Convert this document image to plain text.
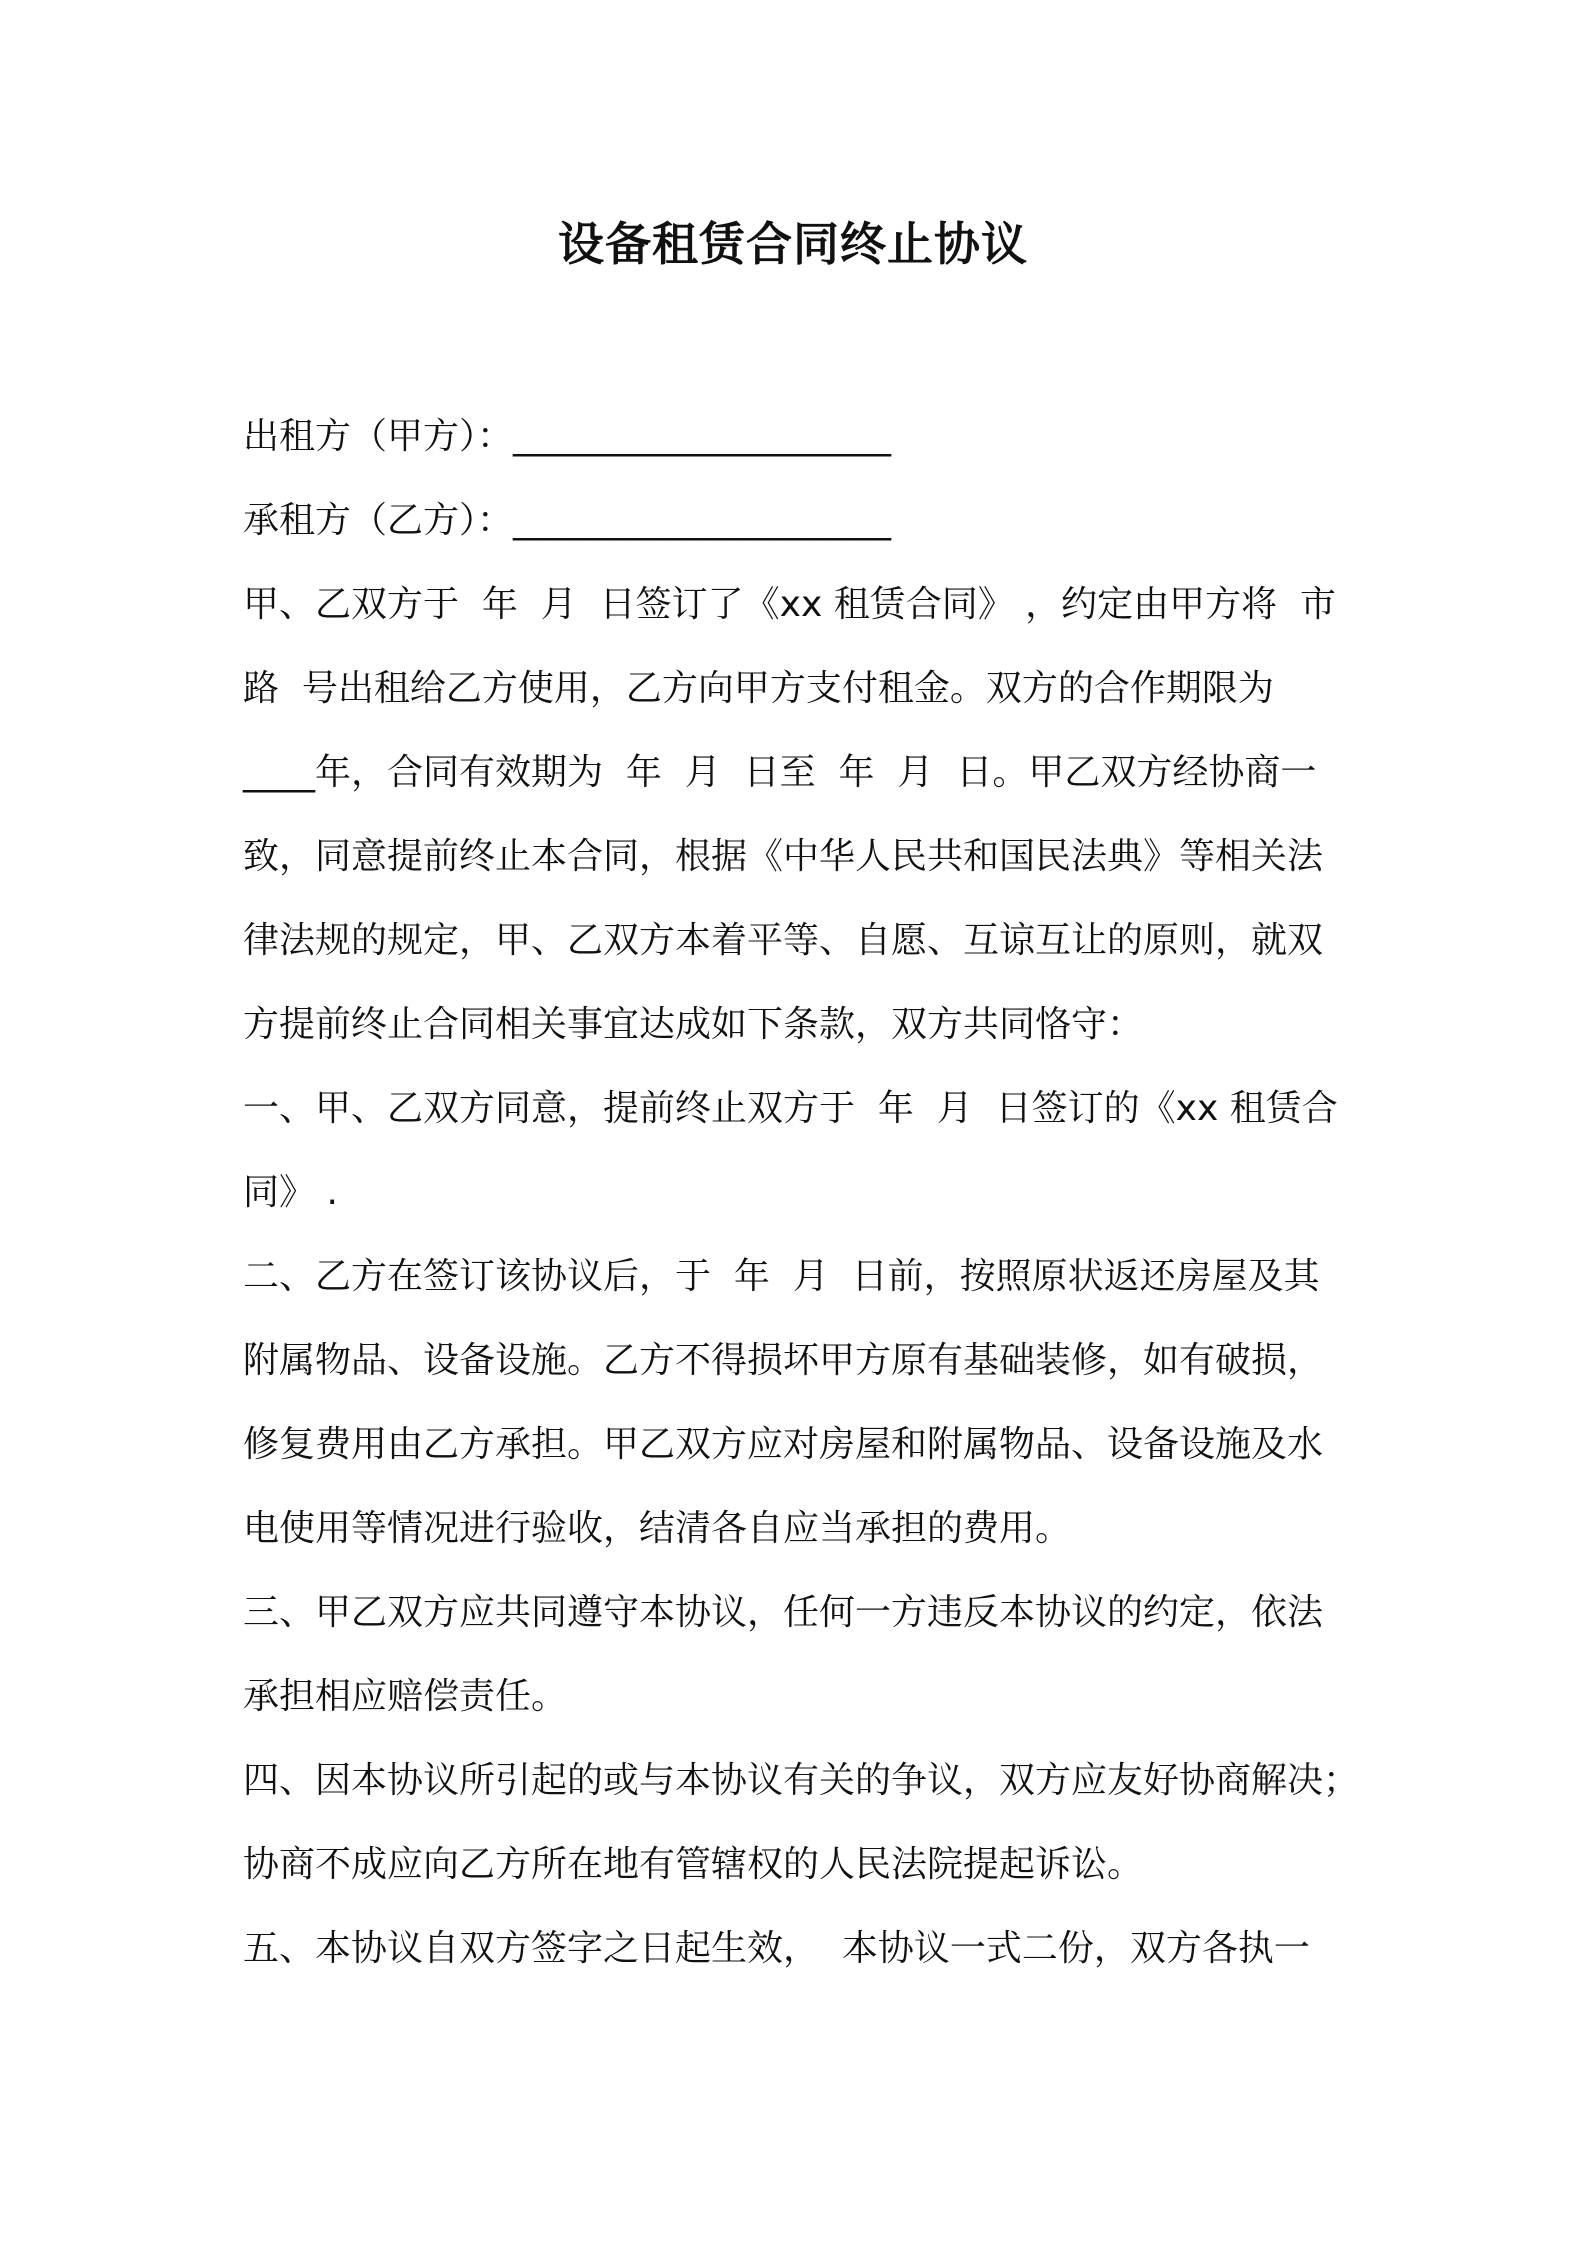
设备租赁合同终止协议
出租方（甲方）：_____________________
承租方（乙方）：_____________________
甲、乙双方于  年  月  日签订了《xx 租赁合同》 ，约定由甲方将  市
路  号出租给乙方使用，乙方向甲方支付租金。双方的合作期限为
____年，合同有效期为  年  月  日至  年  月  日。甲乙双方经协商一
致，同意提前终止本合同，根据《中华人民共和国民法典》等相关法
律法规的规定，甲、乙双方本着平等、自愿、互谅互让的原则，就双
方提前终止合同相关事宜达成如下条款，双方共同恪守：
一、甲、乙双方同意，提前终止双方于  年  月  日签订的《xx 租赁合
同》 .
二、乙方在签订该协议后，于  年  月  日前，按照原状返还房屋及其
附属物品、设备设施。乙方不得损坏甲方原有基础装修，如有破损，
修复费用由乙方承担。甲乙双方应对房屋和附属物品、设备设施及水
电使用等情况进行验收，结清各自应当承担的费用。
三、甲乙双方应共同遵守本协议，任何一方违反本协议的约定，依法
承担相应赔偿责任。
四、因本协议所引起的或与本协议有关的争议，双方应友好协商解决；
协商不成应向乙方所在地有管辖权的人民法院提起诉讼。
五、本协议自双方签字之日起生效，  本协议一式二份，双方各执一
